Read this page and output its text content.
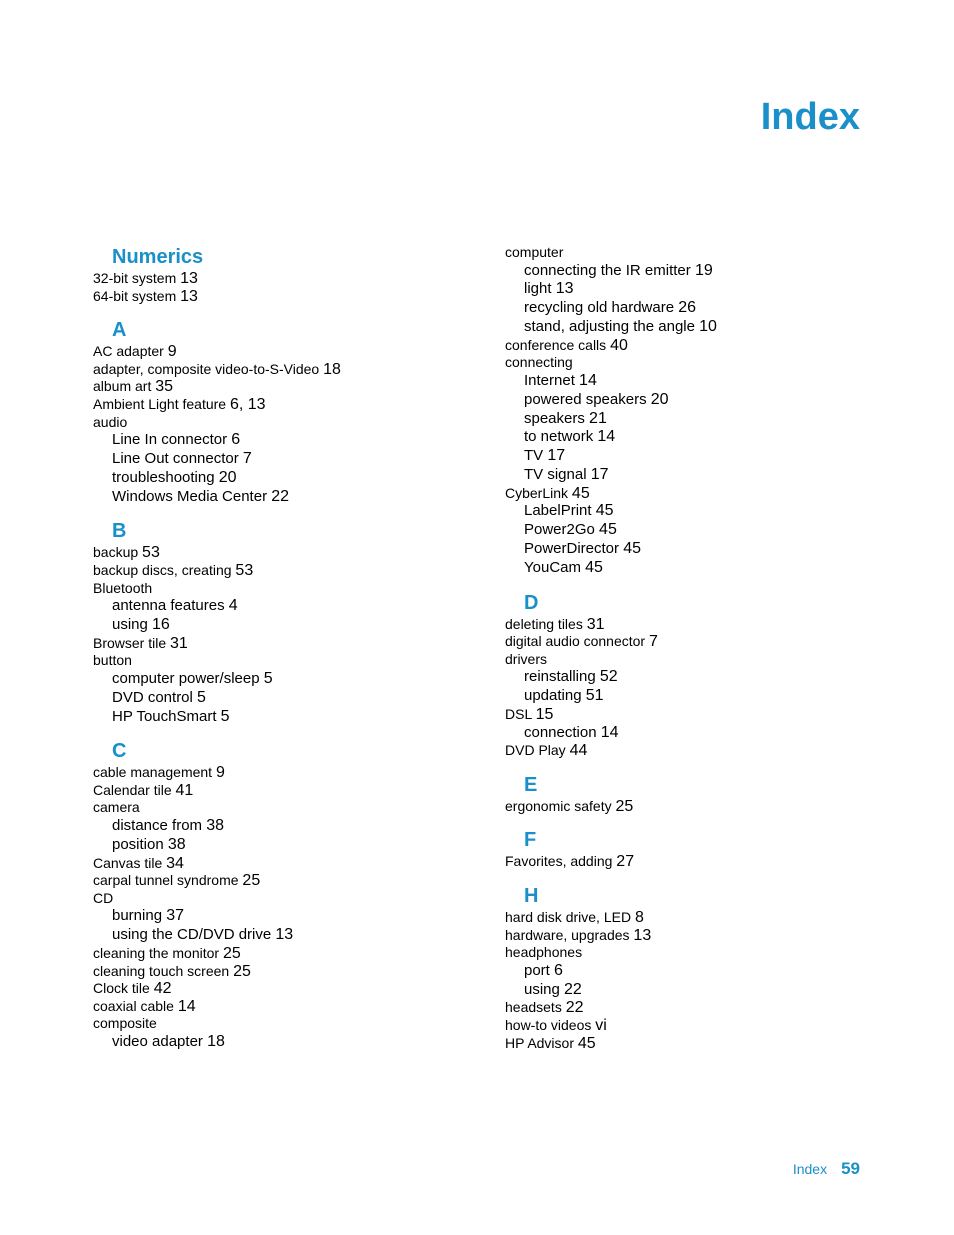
Index
Numerics
32-bit system 13
64-bit system 13
A
AC adapter 9
adapter, composite video-to-S-Video 18
album art 35
Ambient Light feature 6, 13
audio
Line In connector 6
Line Out connector 7
troubleshooting 20
Windows Media Center 22
B
backup 53
backup discs, creating 53
Bluetooth
antenna features 4
using 16
Browser tile 31
button
computer power/sleep 5
DVD control 5
HP TouchSmart 5
C
cable management 9
Calendar tile 41
camera
distance from 38
position 38
Canvas tile 34
carpal tunnel syndrome 25
CD
burning 37
using the CD/DVD drive 13
cleaning the monitor 25
cleaning touch screen 25
Clock tile 42
coaxial cable 14
composite
video adapter 18
computer
connecting the IR emitter 19
light 13
recycling old hardware 26
stand, adjusting the angle 10
conference calls 40
connecting
Internet 14
powered speakers 20
speakers 21
to network 14
TV 17
TV signal 17
CyberLink 45
LabelPrint 45
Power2Go 45
PowerDirector 45
YouCam 45
D
deleting tiles 31
digital audio connector 7
drivers
reinstalling 52
updating 51
DSL 15
connection 14
DVD Play 44
E
ergonomic safety 25
F
Favorites, adding 27
H
hard disk drive, LED 8
hardware, upgrades 13
headphones
port 6
using 22
headsets 22
how-to videos vi
HP Advisor 45
Index 59
